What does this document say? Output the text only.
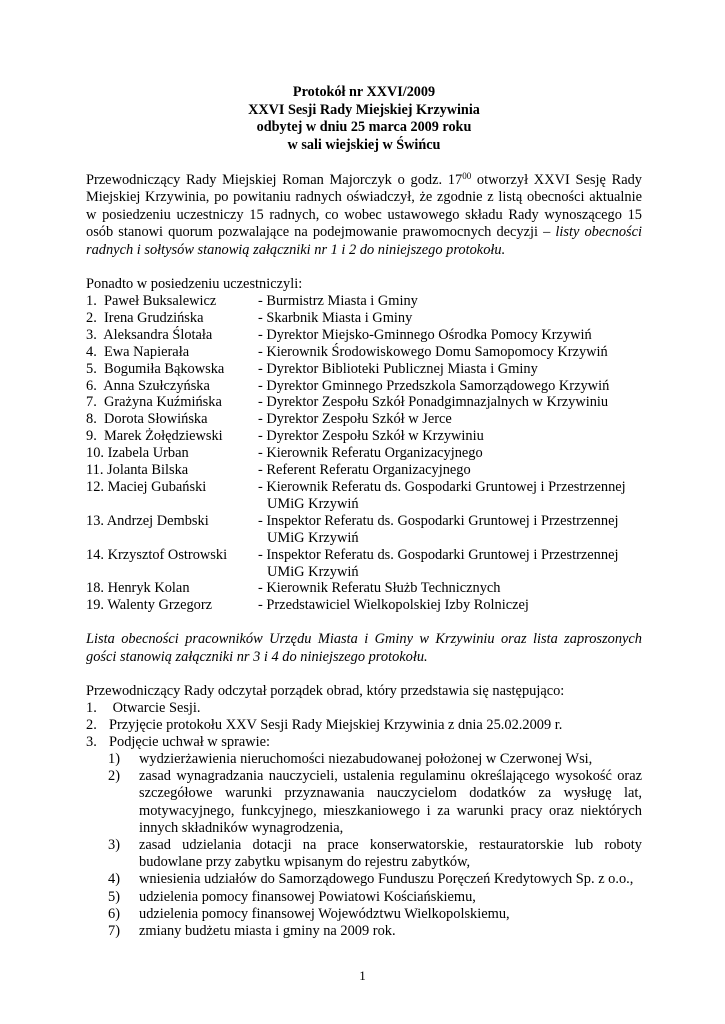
Protokół nr XXVI/2009
XXVI Sesji Rady Miejskiej Krzywinia
odbytej w dniu 25 marca 2009 roku
w sali wiejskiej w Świńcu
Przewodniczący Rady Miejskiej Roman Majorczyk o godz. $17^{00}$ otworzył XXVI Sesję Rady Miejskiej Krzywinia, po powitaniu radnych oświadczył, że zgodnie z listą obecności aktualnie w posiedzeniu uczestniczy 15 radnych, co wobec ustawowego składu Rady wynoszącego 15 osób stanowi quorum pozwalające na podejmowanie prawomocnych decyzji – listy obecności radnych i sołtysów stanowią załączniki nr 1 i 2 do niniejszego protokołu.
Ponadto w posiedzeniu uczestniczyli:
1.  Paweł Buksalewicz	- Burmistrz Miasta i Gminy
2.  Irena Grudzińska	- Skarbnik Miasta i Gminy
3.  Aleksandra Ślotała	- Dyrektor Miejsko-Gminnego Ośrodka Pomocy Krzywiń
4.  Ewa Napierała	- Kierownik Środowiskowego Domu Samopomocy Krzywiń
5.  Bogumiła Bąkowska	- Dyrektor Biblioteki Publicznej Miasta i Gminy
6.  Anna Szułczyńska	- Dyrektor Gminnego Przedszkola Samorządowego Krzywiń
7.  Grażyna Kuźmińska	- Dyrektor Zespołu Szkół Ponadgimnazjalnych w Krzywiniu
8.  Dorota Słowińska	- Dyrektor Zespołu Szkół w Jerce
9.  Marek Żołędziewski	- Dyrektor Zespołu Szkół w Krzywiniu
10. Izabela Urban	- Kierownik Referatu Organizacyjnego
11. Jolanta Bilska	- Referent Referatu Organizacyjnego
12. Maciej Gubański	- Kierownik Referatu ds. Gospodarki Gruntowej i Przestrzennej
UMiG Krzywiń
13. Andrzej Dembski	- Inspektor Referatu ds. Gospodarki Gruntowej i Przestrzennej
UMiG Krzywiń
14. Krzysztof Ostrowski	- Inspektor Referatu ds. Gospodarki Gruntowej i Przestrzennej
UMiG Krzywiń
18. Henryk Kolan	- Kierownik Referatu Służb Technicznych
19. Walenty Grzegorz	- Przedstawiciel Wielkopolskiej Izby Rolniczej
Lista obecności pracowników Urzędu Miasta i Gminy w Krzywiniu oraz lista zaproszonych gości stanowią załączniki nr 3 i 4 do niniejszego protokołu.
Przewodniczący Rady odczytał porządek obrad, który przedstawia się następująco:
1. Otwarcie Sesji.
2. Przyjęcie protokołu XXV Sesji Rady Miejskiej Krzywinia z dnia 25.02.2009 r.
3. Podjęcie uchwał w sprawie:
1)	wydzierżawienia nieruchomości niezabudowanej położonej w Czerwonej Wsi,
2)	zasad wynagradzania nauczycieli, ustalenia regulaminu określającego wysokość oraz szczegółowe warunki przyznawania nauczycielom dodatków za wysługę lat, motywacyjnego, funkcyjnego, mieszkaniowego i za warunki pracy oraz niektórych innych składników wynagrodzenia,
3)	zasad udzielania dotacji na prace konserwatorskie, restauratorskie lub roboty budowlane przy zabytku wpisanym do rejestru zabytków,
4)	wniesienia udziałów do Samorządowego Funduszu Poręczeń Kredytowych Sp. z o.o.,
5)	udzielenia pomocy finansowej Powiatowi Kościańskiemu,
6)	udzielenia pomocy finansowej Województwu Wielkopolskiemu,
7)	zmiany budżetu miasta i gminy na 2009 rok.
1
